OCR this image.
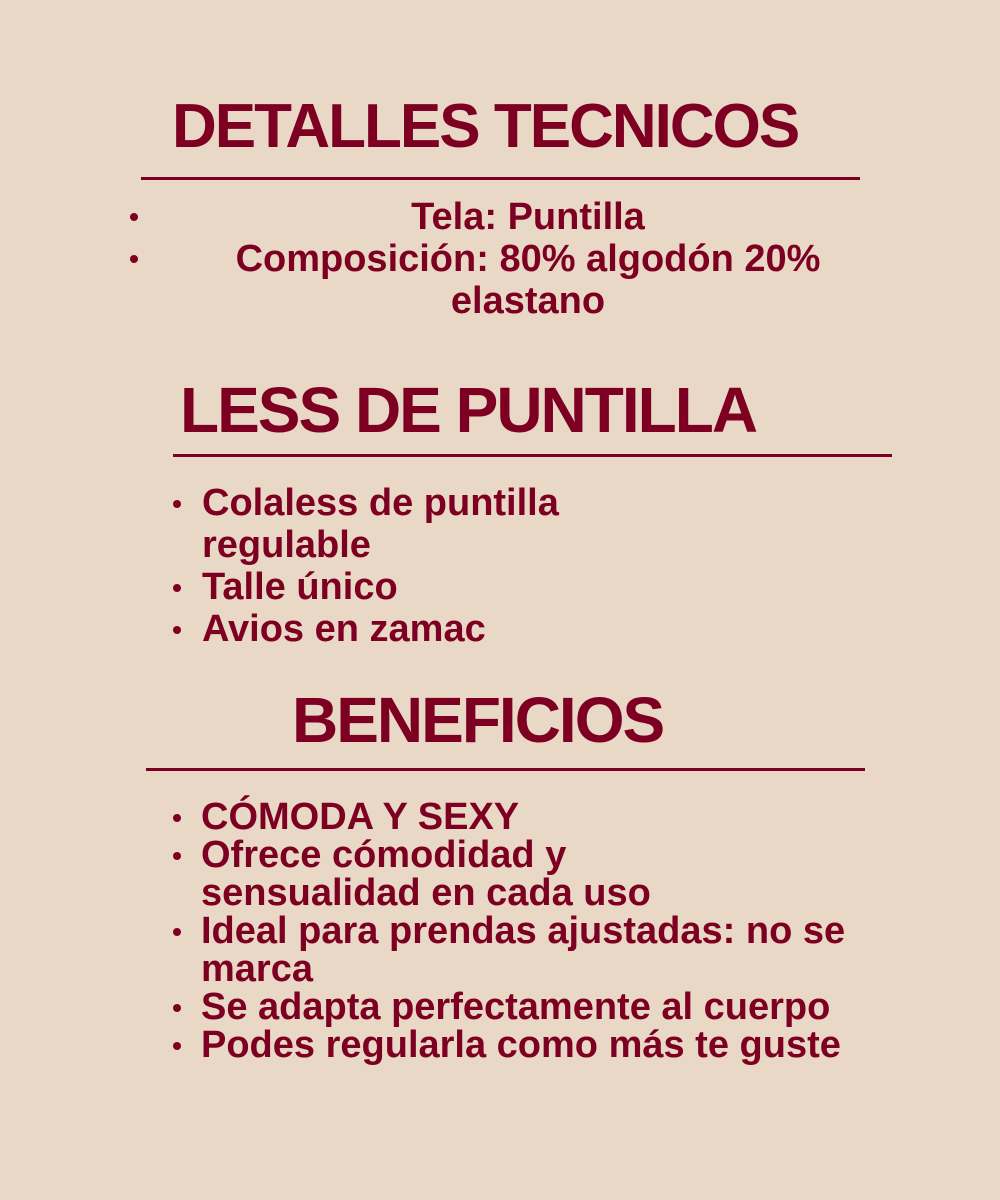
DETALLES TECNICOS
Tela: Puntilla
Composición: 80% algodón 20% elastano
LESS DE PUNTILLA
Colaless de puntilla regulable
Talle único
Avios en zamac
BENEFICIOS
CÓMODA Y SEXY
Ofrece cómodidad y sensualidad en cada uso
Ideal para prendas ajustadas: no se marca
Se adapta perfectamente al cuerpo
Podes regularla como más te guste
